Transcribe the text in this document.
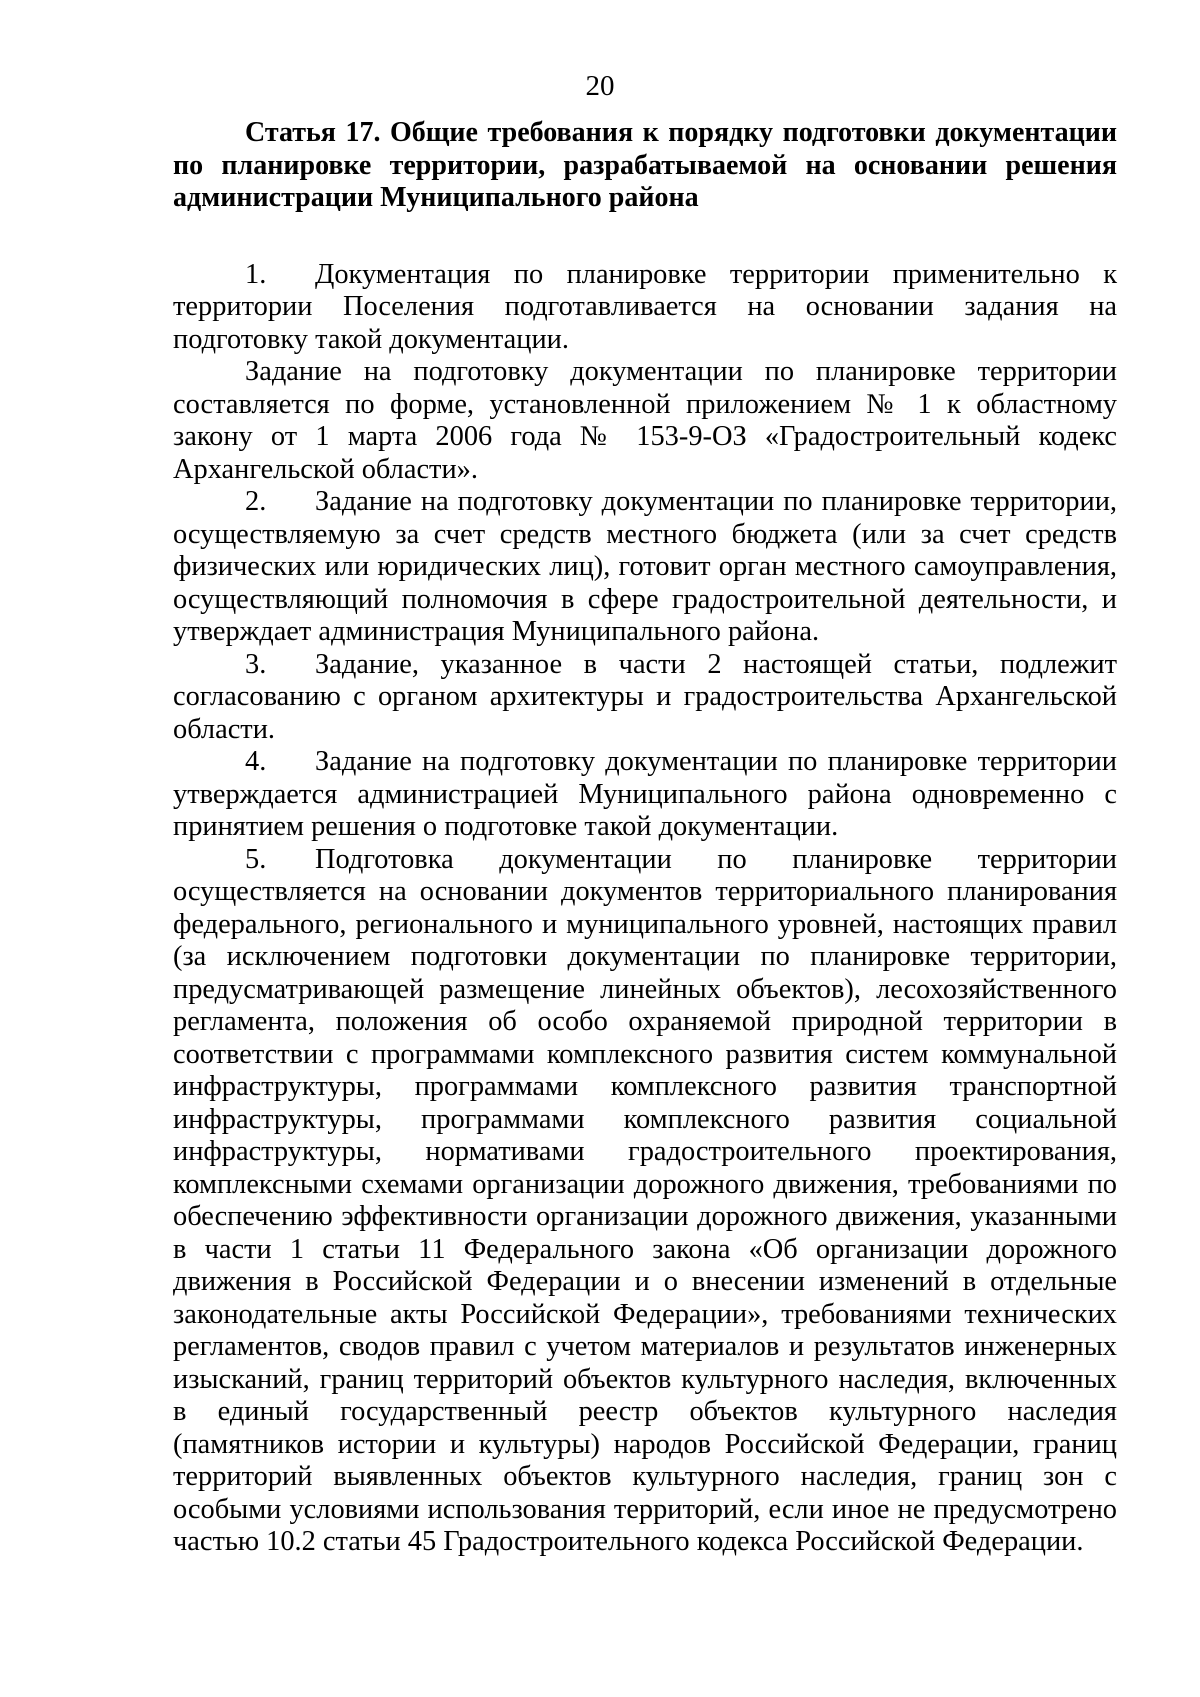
20

Статья 17. Общие требования к порядку подготовки документации по планировке территории, разрабатываемой на основании решения администрации Муниципального района

1. Документация по планировке территории применительно к территории Поселения подготавливается на основании задания на подготовку такой документации.

Задание на подготовку документации по планировке территории составляется по форме, установленной приложением № 1 к областному закону от 1 марта 2006 года № 153-9-ОЗ «Градостроительный кодекс Архангельской области».

2. Задание на подготовку документации по планировке территории, осуществляемую за счет средств местного бюджета (или за счет средств физических или юридических лиц), готовит орган местного самоуправления, осуществляющий полномочия в сфере градостроительной деятельности, и утверждает администрация Муниципального района.

3. Задание, указанное в части 2 настоящей статьи, подлежит согласованию с органом архитектуры и градостроительства Архангельской области.

4. Задание на подготовку документации по планировке территории утверждается администрацией Муниципального района одновременно с принятием решения о подготовке такой документации.

5. Подготовка документации по планировке территории осуществляется на основании документов территориального планирования федерального, регионального и муниципального уровней, настоящих правил (за исключением подготовки документации по планировке территории, предусматривающей размещение линейных объектов), лесохозяйственного регламента, положения об особо охраняемой природной территории в соответствии с программами комплексного развития систем коммунальной инфраструктуры, программами комплексного развития транспортной инфраструктуры, программами комплексного развития социальной инфраструктуры, нормативами градостроительного проектирования, комплексными схемами организации дорожного движения, требованиями по обеспечению эффективности организации дорожного движения, указанными в части 1 статьи 11 Федерального закона «Об организации дорожного движения в Российской Федерации и о внесении изменений в отдельные законодательные акты Российской Федерации», требованиями технических регламентов, сводов правил с учетом материалов и результатов инженерных изысканий, границ территорий объектов культурного наследия, включенных в единый государственный реестр объектов культурного наследия (памятников истории и культуры) народов Российской Федерации, границ территорий выявленных объектов культурного наследия, границ зон с особыми условиями использования территорий, если иное не предусмотрено частью 10.2 статьи 45 Градостроительного кодекса Российской Федерации.
